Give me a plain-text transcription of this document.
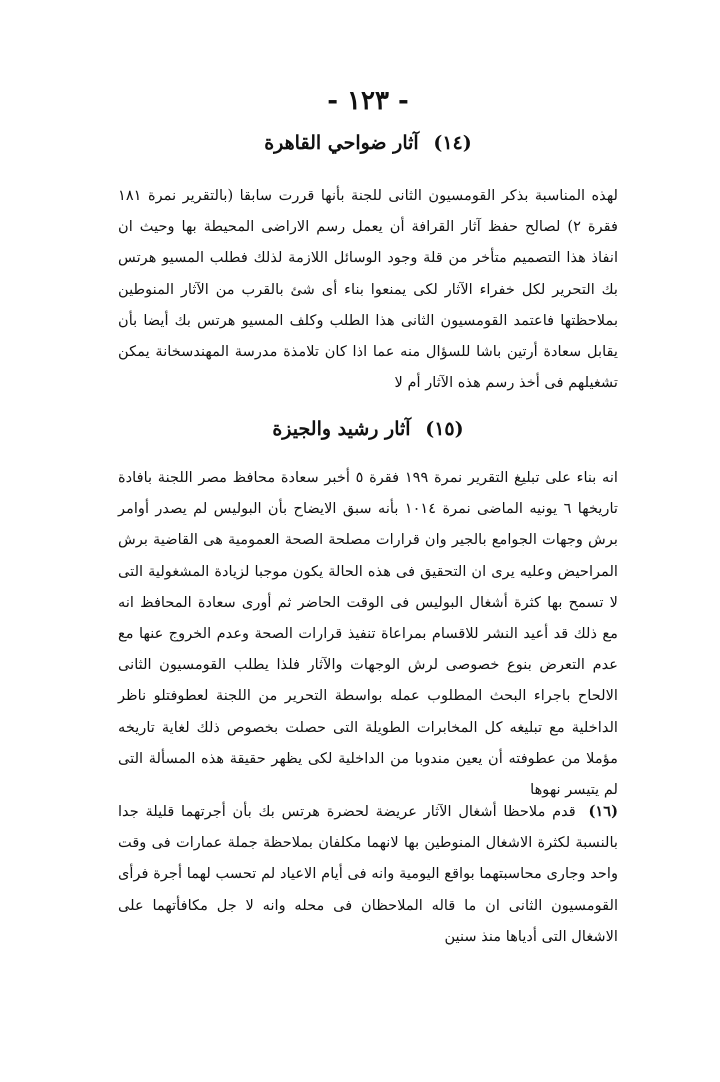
- ١٢٣ -
(١٤) آثار ضواحي القاهرة
لهذه المناسبة بذكر القومسيون الثانى للجنة بأنها قررت سابقا (بالتقرير نمرة ١٨١ فقرة ٢) لصالح حفظ آثار القرافة أن يعمل رسم الاراضى المحيطة بها وحيث ان انفاذ هذا التصميم متأخر من قلة وجود الوسائل اللازمة لذلك فطلب المسيو هرتس بك التحرير لكل خفراء الآثار لكى يمنعوا بناء أى شئ بالقرب من الآثار المنوطين بملاحظتها فاعتمد القومسيون الثانى هذا الطلب وكلف المسيو هرتس بك أيضا بأن يقابل سعادة أرتين باشا للسؤال منه عما اذا كان تلامذة مدرسة المهندسخانة يمكن تشغيلهم فى أخذ رسم هذه الآثار أم لا
(١٥) آثار رشيد والجيزة
انه بناء على تبليغ التقرير نمرة ١٩٩ فقرة ٥ أخبر سعادة محافظ مصر اللجنة بافادة تاريخها ٦ يونيه الماضى نمرة ١٠١٤ بأنه سبق الايضاح بأن البوليس لم يصدر أوامر برش وجهات الجوامع بالجير وان قرارات مصلحة الصحة العمومية هى القاضية برش المراحيض وعليه يرى ان التحقيق فى هذه الحالة يكون موجبا لزيادة المشغولية التى لا تسمح بها كثرة أشغال البوليس فى الوقت الحاضر ثم أورى سعادة المحافظ انه مع ذلك قد أعيد النشر للاقسام بمراعاة تنفيذ قرارات الصحة وعدم الخروج عنها مع عدم التعرض بنوع خصوصى لرش الوجهات والآثار فلذا يطلب القومسيون الثانى الالحاح باجراء البحث المطلوب عمله بواسطة التحرير من اللجنة لعطوفتلو ناظر الداخلية مع تبليغه كل المخابرات الطويلة التى حصلت بخصوص ذلك لغاية تاريخه مؤملا من عطوفته أن يعين مندوبا من الداخلية لكى يظهر حقيقة هذه المسألة التى لم يتيسر نهوها
(١٦) قدم ملاحظا أشغال الآثار عريضة لحضرة هرتس بك بأن أجرتهما قليلة جدا بالنسبة لكثرة الاشغال المنوطين بها لانهما مكلفان بملاحظة جملة عمارات فى وقت واحد وجارى محاسبتهما بواقع اليومية وانه فى أيام الاعياد لم تحسب لهما أجرة فرأى القومسيون الثانى ان ما قاله الملاحظان فى محله وانه لا جل مكافأتهما على الاشغال التى أدياها منذ سنين
